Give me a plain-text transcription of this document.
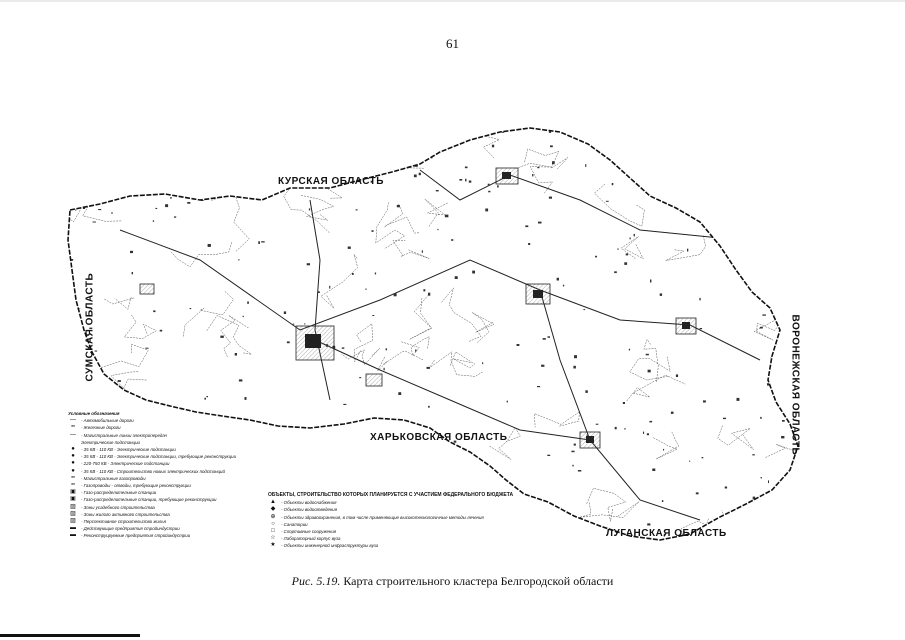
61
КУРСКАЯ ОБЛАСТЬ
ХАРЬКОВСКАЯ ОБЛАСТЬ
ЛУГАНСКАЯ ОБЛАСТЬ
СУМСКАЯ ОБЛАСТЬ	ВОРОНЕЖСКАЯ ОБЛАСТЬ
Условные обозначения
—	- Автомобильные дороги
╍	- Железные дороги
—	- Магистральные линии электропередач
Электрические подстанции
●	- 35 КВ - 110 КВ - Электрические подстанции
●	- 35 КВ - 110 КВ - Электрические подстанции, требующие реконструкции
●	- 220-750 КВ - Электрические подстанции
●	- 35 КВ - 110 КВ - Строительство новых электрических подстанций
╍	- Магистральные газопроводы
╍	- Газопроводы - отводы, требующие реконструкции
▣	- Газо-распределительные станции
▣	- Газо-распределительные станции, требующие реконструкции
▨	- Зоны усадебного строительства
▨	- Зоны жилого активного строительства
▨	- Перспективное строительство жилья
▬	- Действующие предприятия стройиндустрии
▬	- Реконструируемые предприятия стройиндустрии
ОБЪЕКТЫ, СТРОИТЕЛЬСТВО КОТОРЫХ ПЛАНИРУЕТСЯ С УЧАСТИЕМ ФЕДЕРАЛЬНОГО БЮДЖЕТА
▲	- Объекты водоснабжения
◆	- Объекты водоотведения
⊕	- Объекты здравоохранения, в том числе применяющие высокотехнологичные методы лечения
○	- Санатории
□	- Спортивные сооружения
☆	- Лабораторный корпус вуза
★	- Объекты инженерной инфраструктуры вуза
Рис. 5.19. Карта строительного кластера Белгородской области
